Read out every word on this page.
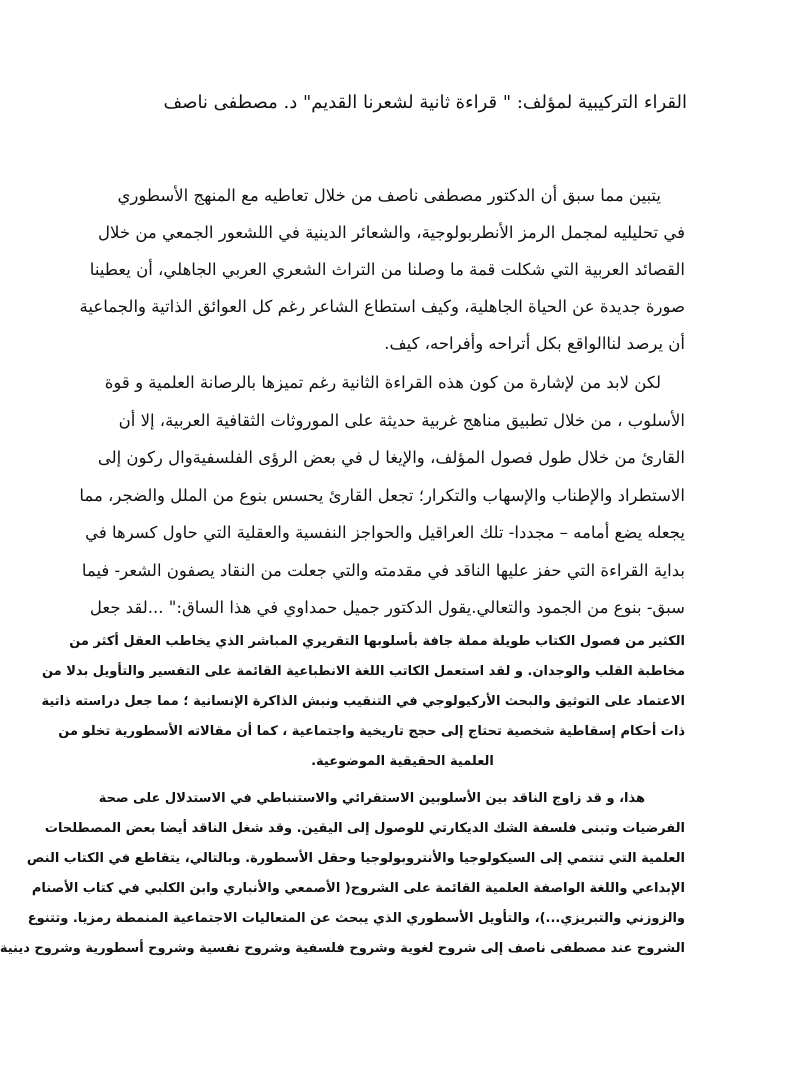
القراء التركيبية لمؤلف: " قراءة ثانية لشعرنا القديم" د. مصطفى ناصف
يتبين مما سبق أن الدكتور مصطفى ناصف من خلال تعاطيه مع المنهج الأسطوري
في تحليليه لمجمل الرمز الأنطربولوجية، والشعائر الدينية في اللشعور الجمعي من خلال
القصائد العربية التي شكلت قمة ما وصلنا من التراث الشعري العربي الجاهلي، أن يعطينا
صورة جديدة عن الحياة الجاهلية، وكيف استطاع الشاعر رغم كل العوائق الذاتية والجماعية
أن يرصد لناالواقع بكل أتراحه وأفراحه، كيف.
لكن لابد من لإشارة من كون هذه القراءة الثانية رغم تميزها بالرصانة العلمية و قوة
الأسلوب ، من خلال تطبيق مناهج غربية حديثة على الموروثات الثقافية العربية، إلا أن
القارئ من خلال طول فصول المؤلف، والإيغا ل في بعض الرؤى الفلسفيةوال ركون إلى
الاستطراد والإطناب والإسهاب والتكرار؛ تجعل القارئ يحسس بنوع من الملل والضجر، مما
يجعله يضع أمامه – مجددا- تلك العراقيل والحواجز النفسية والعقلية التي حاول كسرها في
بداية القراءة التي حفز عليها الناقد في مقدمته والتي جعلت من النقاد يصفون الشعر- فيما
سبق- بنوع من الجمود والتعالي.يقول الدكتور جميل حمداوي في هذا الساق:" ...لقد جعل
الكثير من فصول الكتاب طويلة مملة جافة بأسلوبها التقريري المباشر الذي يخاطب العقل أكثر من
مخاطبة القلب والوجدان. و لقد استعمل الكاتب اللغة الانطباعية القائمة على التفسير والتأويل بدلا من
الاعتماد على التوثيق والبحث الأركيولوجي في التنقيب ونبش الذاكرة الإنسانية ؛ مما جعل دراسته ذاتية
ذات أحكام إسقاطية شخصية تحتاج إلى حجج تاريخية واجتماعية ، كما أن مقالاته الأسطورية تخلو من
العلمية الحقيقية الموضوعية.
هذا، و قد زاوج الناقد بين الأسلوبين الاستقرائي والاستنباطي في الاستدلال على صحة
الفرضيات وتبنى فلسفة الشك الديكارتي للوصول إلى اليقين. وقد شغل الناقد أيضا بعض المصطلحات
العلمية التي تنتمي إلى السيكولوجيا والأنتروبولوجيا وحقل الأسطورة. وبالتالي، يتقاطع في الكتاب النص
الإبداعي واللغة الواصفة العلمية القائمة على الشروح( الأصمعي والأنباري وابن الكلبي في كتاب الأصنام
والزوزني والتبريزي...)، والتأويل الأسطوري الذي يبحث عن المتعاليات الاجتماعية المنمطة رمزيا. وتتنوع
الشروح عند مصطفى ناصف إلى شروح لغوية وشروح فلسفية وشروح نفسية وشروح أسطورية وشروح دينية
